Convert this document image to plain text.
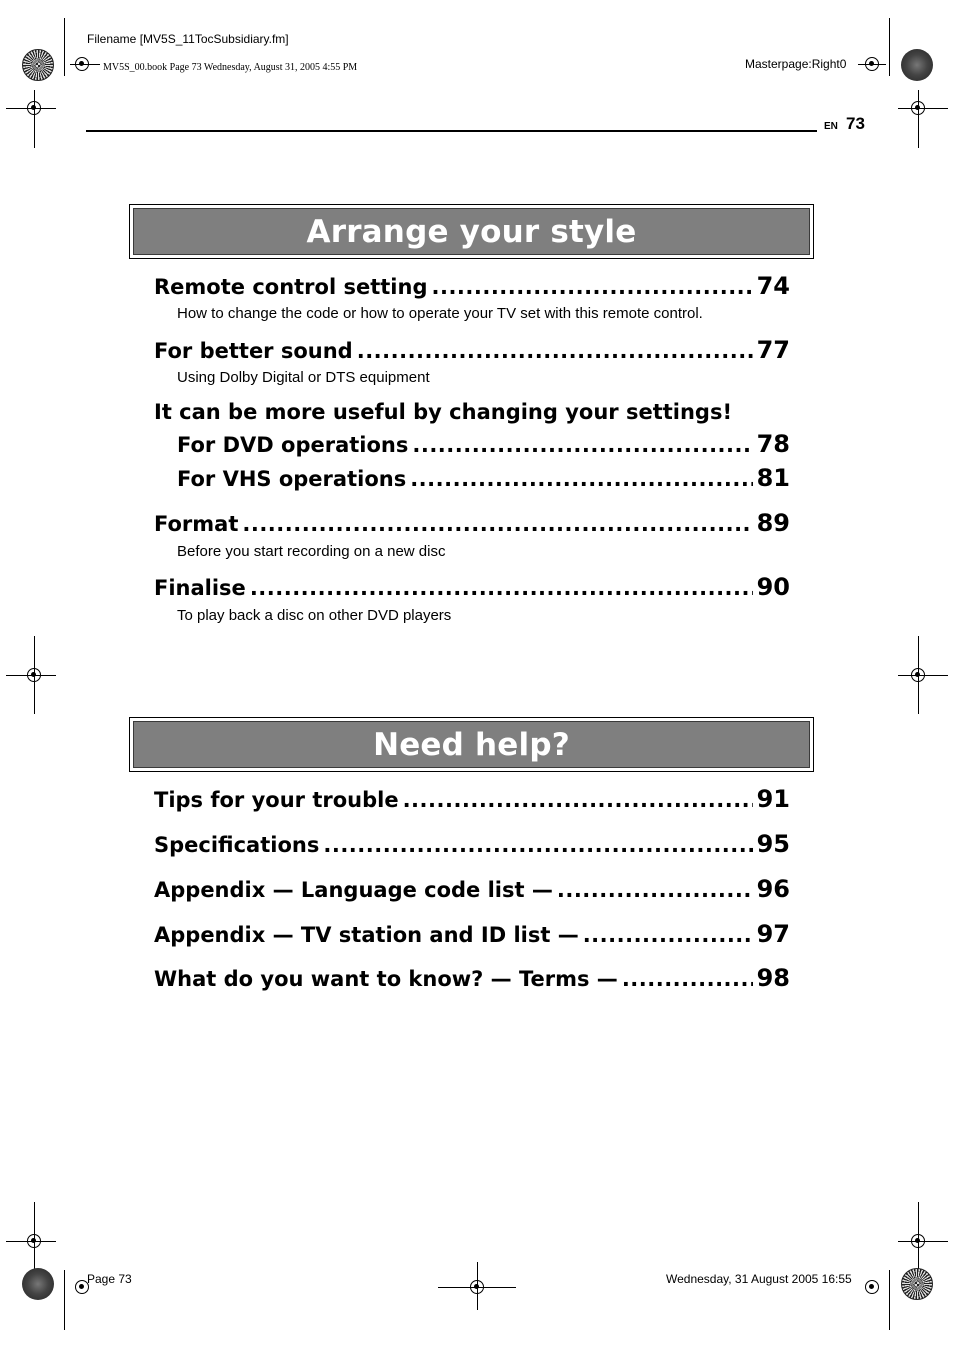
Filename [MV5S_11TocSubsidiary.fm]
MV5S_00.book Page 73 Wednesday, August 31, 2005 4:55 PM	Masterpage:Right0
EN 73
Arrange your style
Remote control setting .....	74
How to change the code or how to operate your TV set with this remote control.
For better sound .....	77
Using Dolby Digital or DTS equipment
It can be more useful by changing your settings!
For DVD operations .....	78
For VHS operations .....	81
Format .....	89
Before you start recording on a new disc
Finalise .....	90
To play back a disc on other DVD players
Need help?
Tips for your trouble .....	91
Specifications .....	95
Appendix — Language code list — .....	96
Appendix — TV station and ID list — .....	97
What do you want to know? — Terms — .....	98
Page 73	Wednesday, 31 August 2005 16:55
